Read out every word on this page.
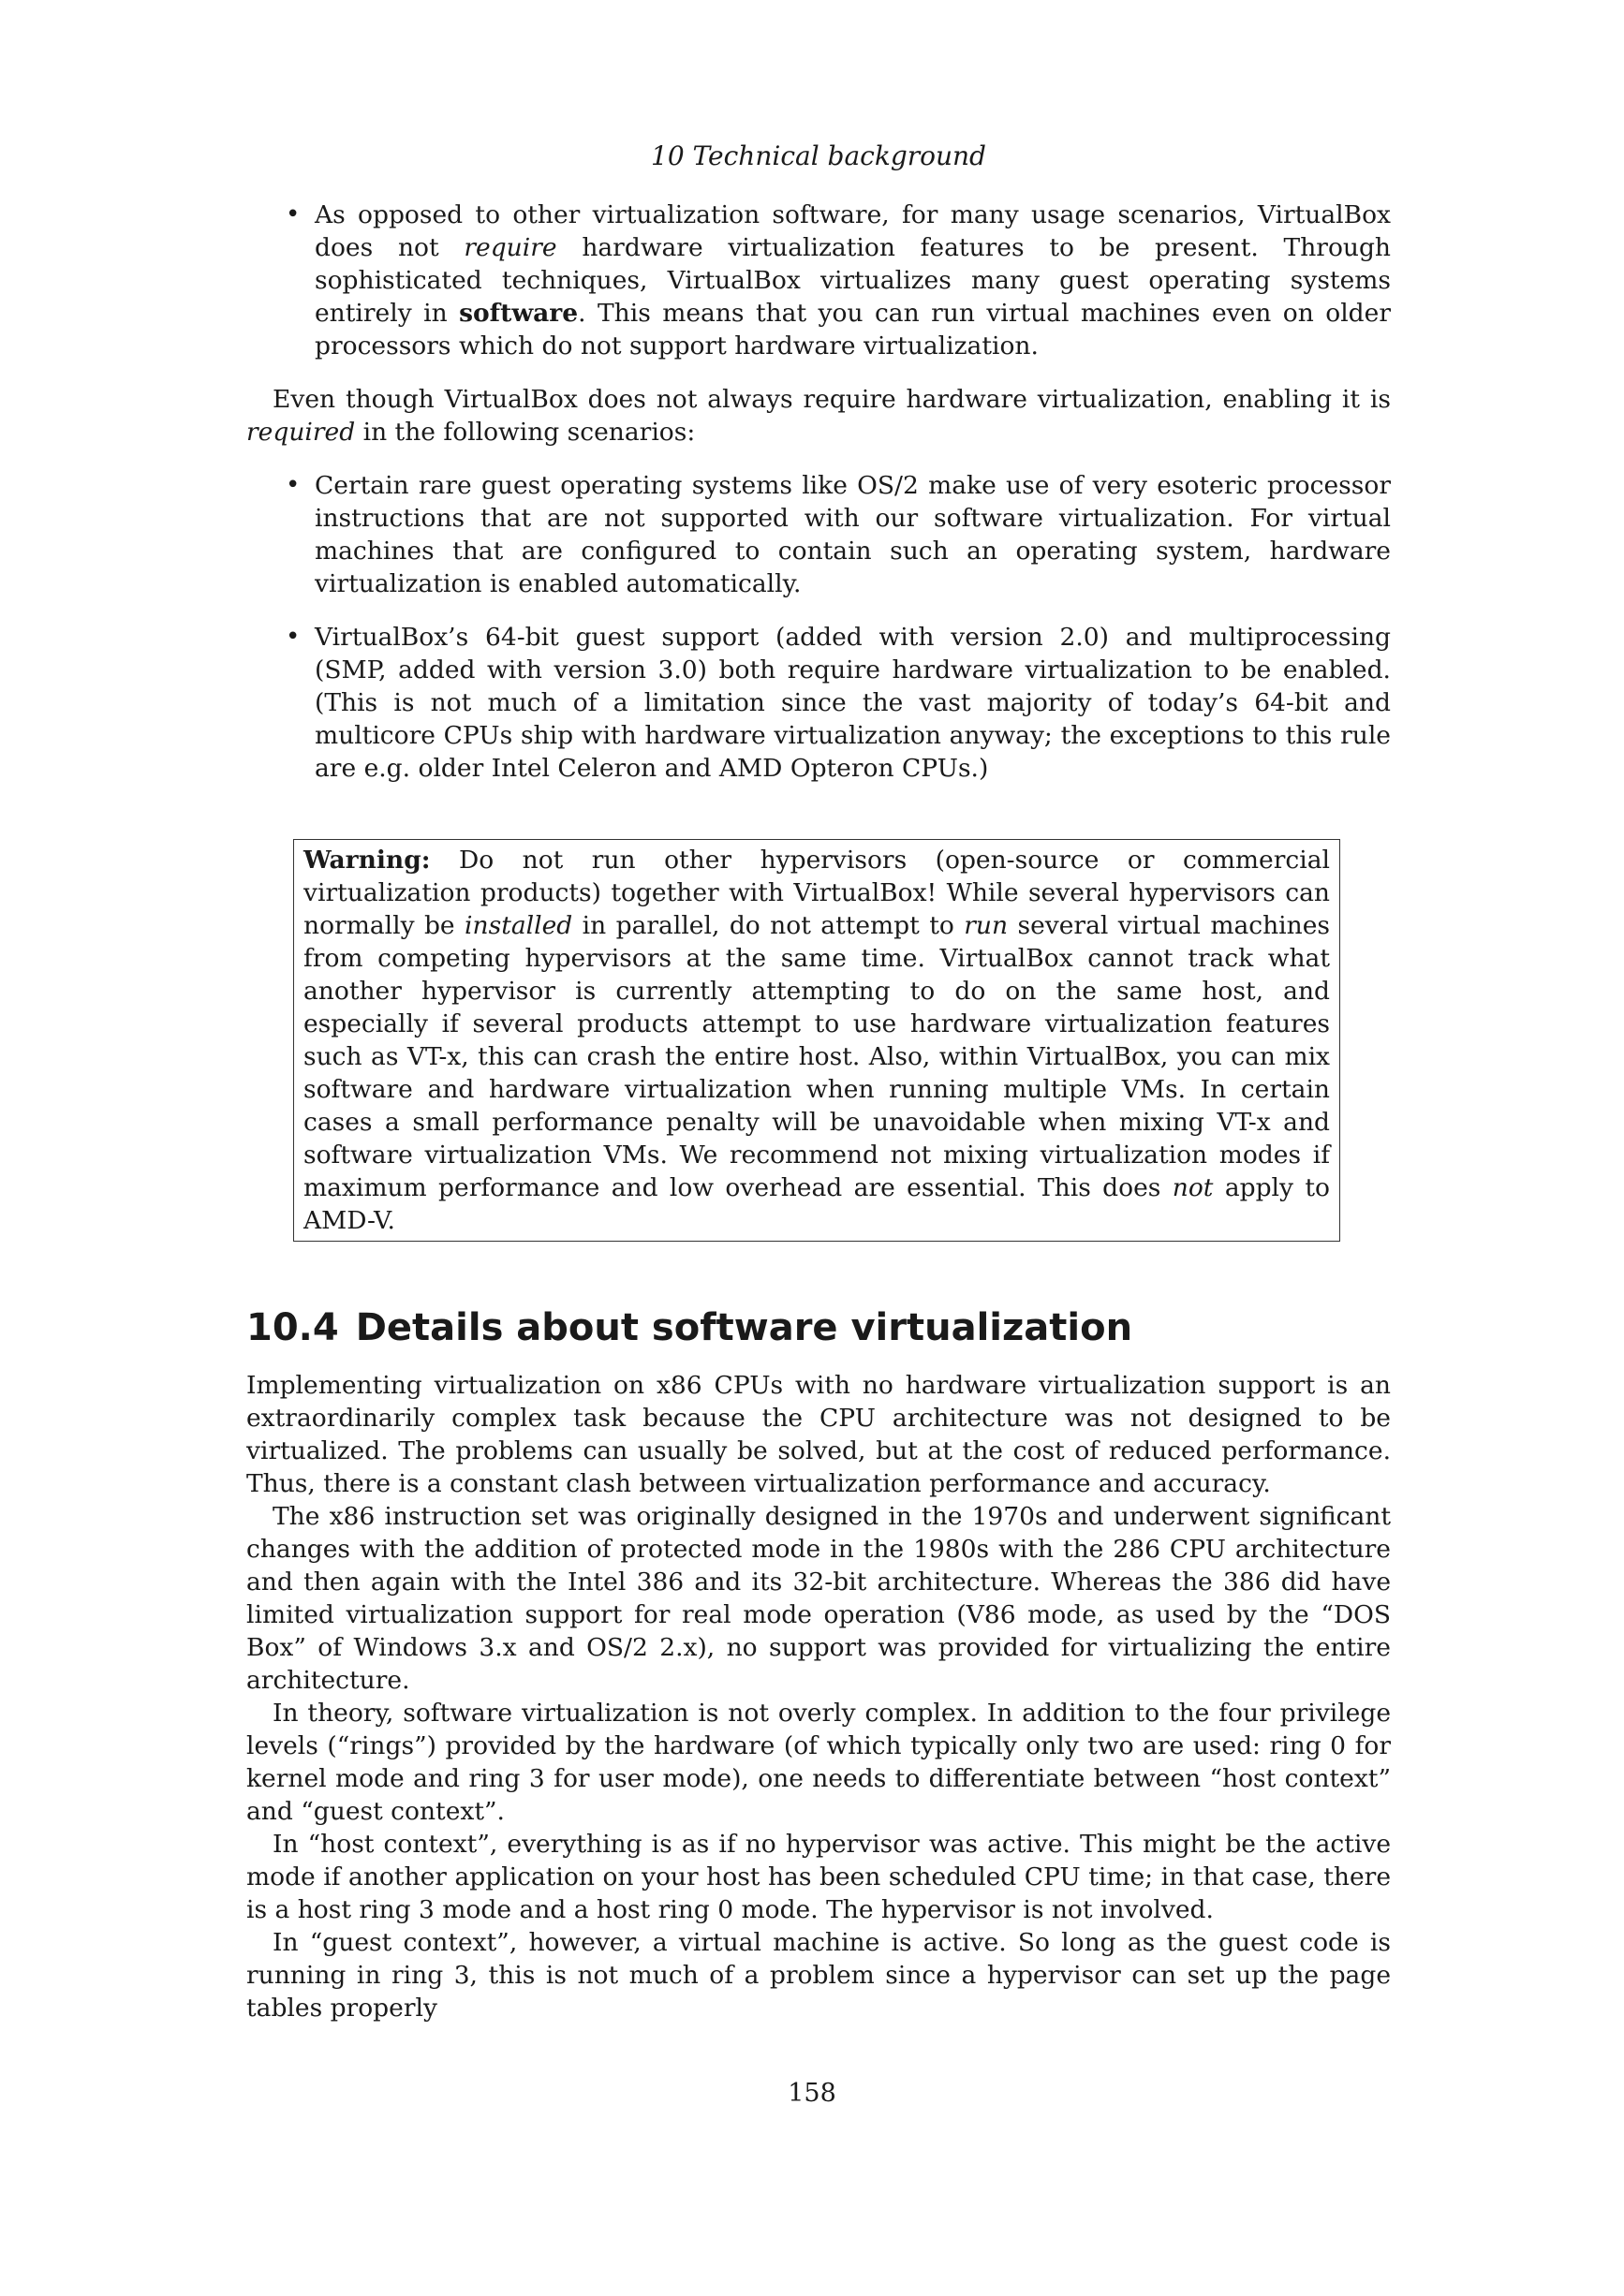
10 Technical background
• As opposed to other virtualization software, for many usage scenarios, VirtualBox does not require hardware virtualization features to be present. Through sophisticated techniques, VirtualBox virtualizes many guest operating systems entirely in software. This means that you can run virtual machines even on older processors which do not support hardware virtualization.

Even though VirtualBox does not always require hardware virtualization, enabling it is required in the following scenarios:

• Certain rare guest operating systems like OS/2 make use of very esoteric processor instructions that are not supported with our software virtualization. For virtual machines that are configured to contain such an operating system, hardware virtualization is enabled automatically.
• VirtualBox’s 64-bit guest support (added with version 2.0) and multiprocessing (SMP, added with version 3.0) both require hardware virtualization to be enabled. (This is not much of a limitation since the vast majority of today’s 64-bit and multicore CPUs ship with hardware virtualization anyway; the exceptions to this rule are e.g. older Intel Celeron and AMD Opteron CPUs.)
Warning: Do not run other hypervisors (open-source or commercial virtualization products) together with VirtualBox! While several hypervisors can normally be installed in parallel, do not attempt to run several virtual machines from competing hypervisors at the same time. VirtualBox cannot track what another hypervisor is currently attempting to do on the same host, and especially if several products attempt to use hardware virtualization features such as VT-x, this can crash the entire host. Also, within VirtualBox, you can mix software and hardware virtualization when running multiple VMs. In certain cases a small performance penalty will be unavoidable when mixing VT-x and software virtualization VMs. We recommend not mixing virtualization modes if maximum performance and low overhead are essential. This does not apply to AMD-V.
10.4 Details about software virtualization

Implementing virtualization on x86 CPUs with no hardware virtualization support is an extraordinarily complex task because the CPU architecture was not designed to be virtualized. The problems can usually be solved, but at the cost of reduced performance. Thus, there is a constant clash between virtualization performance and accuracy.

The x86 instruction set was originally designed in the 1970s and underwent significant changes with the addition of protected mode in the 1980s with the 286 CPU architecture and then again with the Intel 386 and its 32-bit architecture. Whereas the 386 did have limited virtualization support for real mode operation (V86 mode, as used by the “DOS Box” of Windows 3.x and OS/2 2.x), no support was provided for virtualizing the entire architecture.

In theory, software virtualization is not overly complex. In addition to the four privilege levels (“rings”) provided by the hardware (of which typically only two are used: ring 0 for kernel mode and ring 3 for user mode), one needs to differentiate between “host context” and “guest context”.

In “host context”, everything is as if no hypervisor was active. This might be the active mode if another application on your host has been scheduled CPU time; in that case, there is a host ring 3 mode and a host ring 0 mode. The hypervisor is not involved.

In “guest context”, however, a virtual machine is active. So long as the guest code is running in ring 3, this is not much of a problem since a hypervisor can set up the page tables properly

158
